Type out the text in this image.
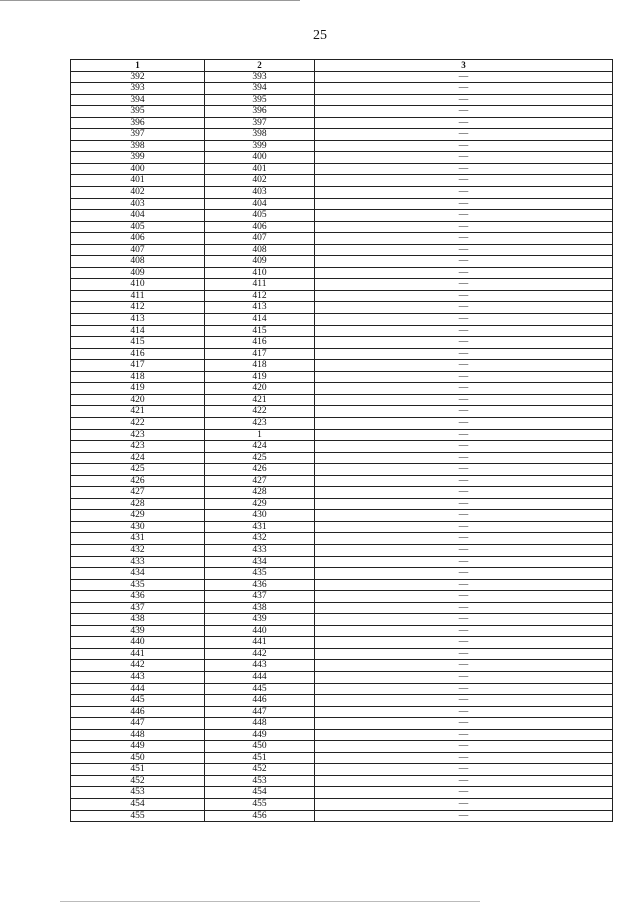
25
1	2	3
392	393	—
393	394	—
394	395	—
395	396	—
396	397	—
397	398	—
398	399	—
399	400	—
400	401	—
401	402	—
402	403	—
403	404	—
404	405	—
405	406	—
406	407	—
407	408	—
408	409	—
409	410	—
410	411	—
411	412	—
412	413	—
413	414	—
414	415	—
415	416	—
416	417	—
417	418	—
418	419	—
419	420	—
420	421	—
421	422	—
422	423	—
423	1	—
423	424	—
424	425	—
425	426	—
426	427	—
427	428	—
428	429	—
429	430	—
430	431	—
431	432	—
432	433	—
433	434	—
434	435	—
435	436	—
436	437	—
437	438	—
438	439	—
439	440	—
440	441	—
441	442	—
442	443	—
443	444	—
444	445	—
445	446	—
446	447	—
447	448	—
448	449	—
449	450	—
450	451	—
451	452	—
452	453	—
453	454	—
454	455	—
455	456	—
